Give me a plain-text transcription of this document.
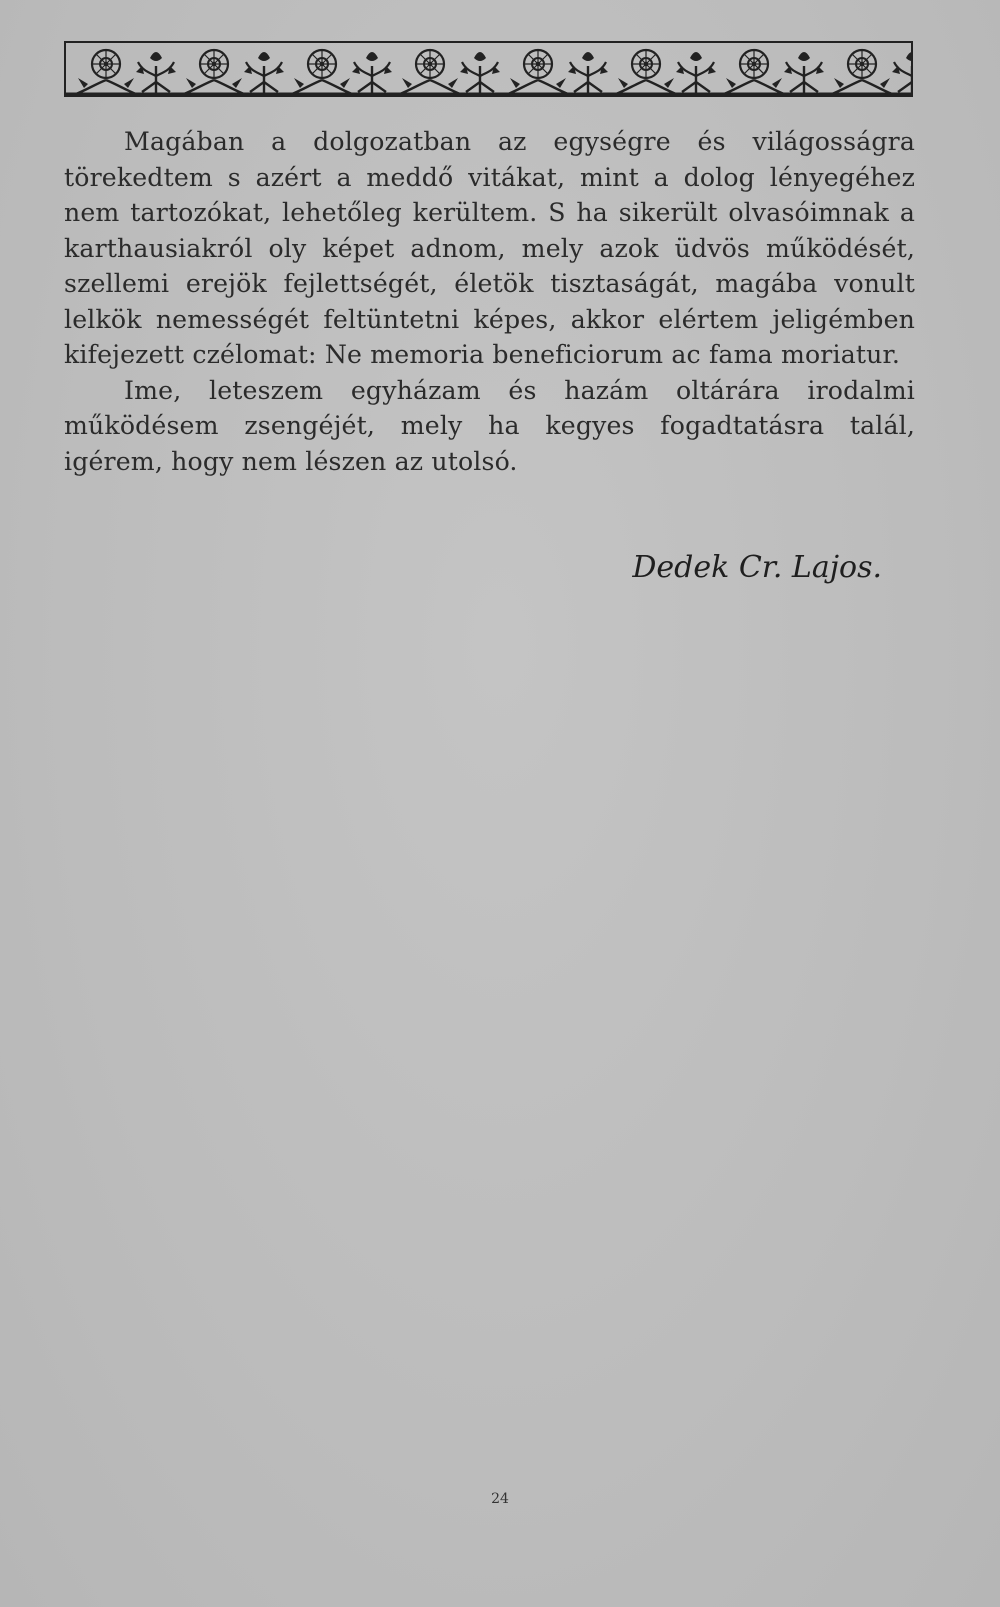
Magában a dolgozatban az egységre és világosságra törekedtem s azért a meddő vitákat, mint a dolog lényegéhez nem tartozókat, lehetőleg kerültem. S ha sikerült olvasóimnak a karthausiakról oly képet adnom, mely azok üdvös működését, szellemi erejök fejlettségét, életök tisztaságát, magába vonult lelkök nemességét feltüntetni képes, akkor elértem jeligémben kifejezett czélomat: Ne memoria beneficiorum ac fama moriatur.

Ime, leteszem egyházam és hazám oltárára irodalmi működésem zsengéjét, mely ha kegyes fogadtatásra talál, igérem, hogy nem lészen az utolsó.

Dedek Cr. Lajos.
24
